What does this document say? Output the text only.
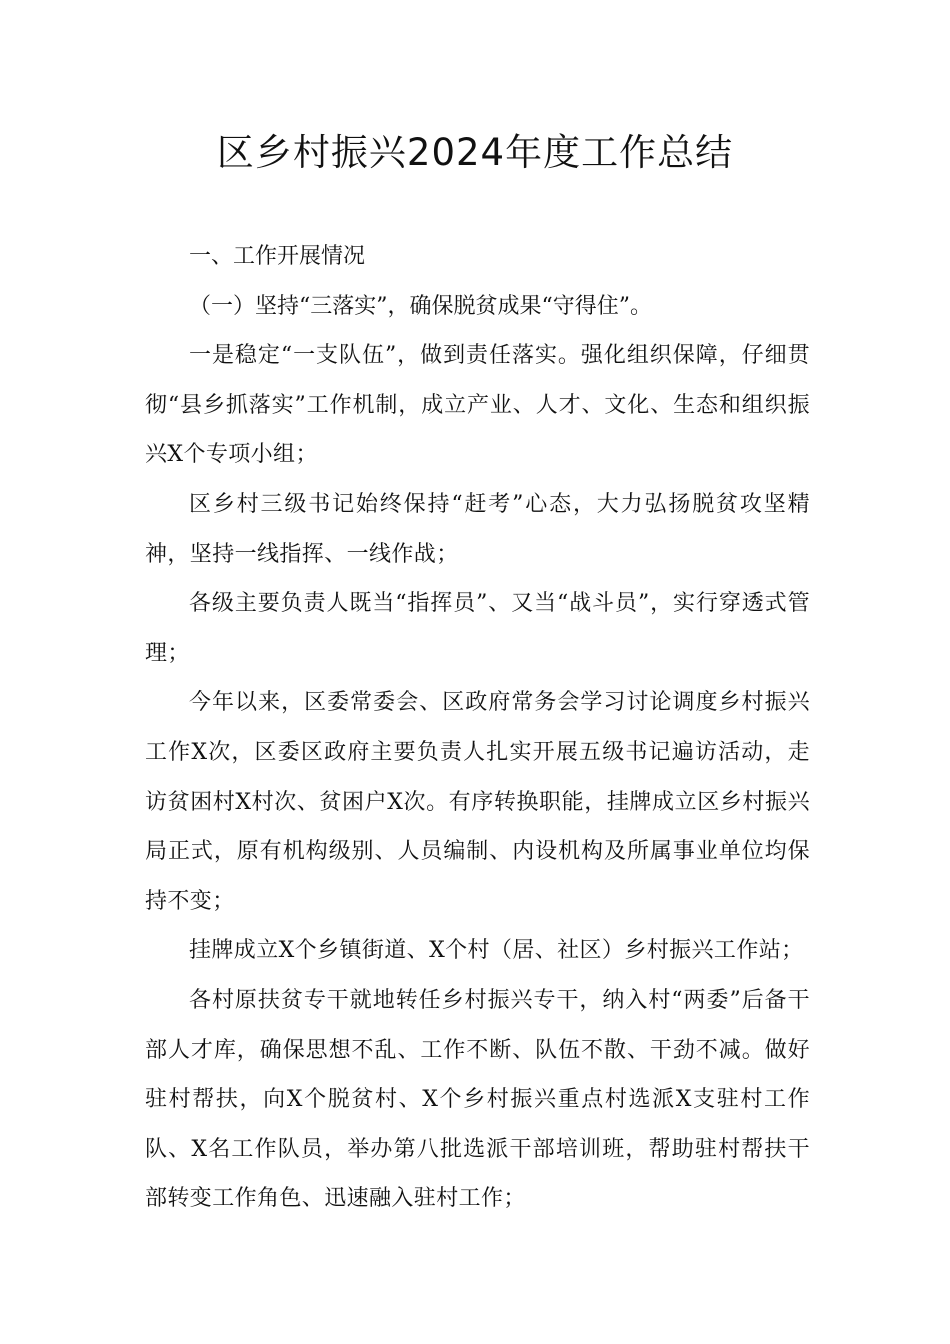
区乡村振兴2024年度工作总结

一、工作开展情况

（一）坚持“三落实”，确保脱贫成果“守得住”。

一是稳定“一支队伍”，做到责任落实。强化组织保障，仔细贯彻“县乡抓落实”工作机制，成立产业、人才、文化、生态和组织振兴X个专项小组；

区乡村三级书记始终保持“赶考”心态，大力弘扬脱贫攻坚精神，坚持一线指挥、一线作战；

各级主要负责人既当“指挥员”、又当“战斗员”，实行穿透式管理；

今年以来，区委常委会、区政府常务会学习讨论调度乡村振兴工作X次，区委区政府主要负责人扎实开展五级书记遍访活动，走访贫困村X村次、贫困户X次。有序转换职能，挂牌成立区乡村振兴局正式，原有机构级别、人员编制、内设机构及所属事业单位均保持不变；

挂牌成立X个乡镇街道、X个村（居、社区）乡村振兴工作站；

各村原扶贫专干就地转任乡村振兴专干，纳入村“两委”后备干部人才库，确保思想不乱、工作不断、队伍不散、干劲不减。做好驻村帮扶，向X个脱贫村、X个乡村振兴重点村选派X支驻村工作队、X名工作队员，举办第八批选派干部培训班，帮助驻村帮扶干部转变工作角色、迅速融入驻村工作；
